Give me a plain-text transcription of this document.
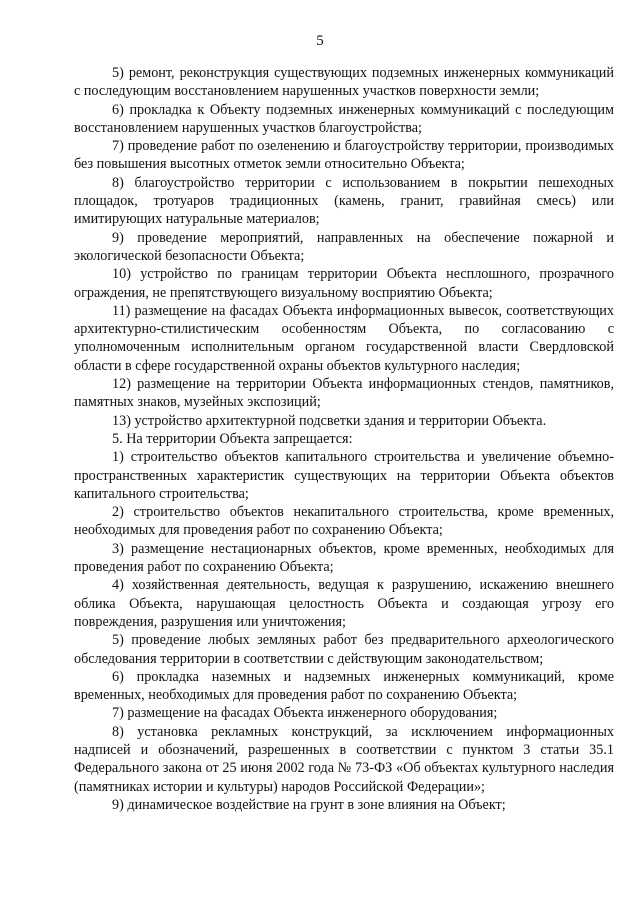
5

5) ремонт, реконструкция существующих подземных инженерных коммуникаций с последующим восстановлением нарушенных участков поверхности земли;

6) прокладка к Объекту подземных инженерных коммуникаций с последующим восстановлением нарушенных участков благоустройства;

7) проведение работ по озеленению и благоустройству территории, производимых без повышения высотных отметок земли относительно Объекта;

8) благоустройство территории с использованием в покрытии пешеходных площадок, тротуаров традиционных (камень, гранит, гравийная смесь) или имитирующих натуральные материалов;

9) проведение мероприятий, направленных на обеспечение пожарной и экологической безопасности Объекта;

10) устройство по границам территории Объекта несплошного, прозрачного ограждения, не препятствующего визуальному восприятию Объекта;

11) размещение на фасадах Объекта информационных вывесок, соответствующих архитектурно-стилистическим особенностям Объекта, по согласованию с уполномоченным исполнительным органом государственной власти Свердловской области в сфере государственной охраны объектов культурного наследия;

12) размещение на территории Объекта информационных стендов, памятников, памятных знаков, музейных экспозиций;

13) устройство архитектурной подсветки здания и территории Объекта.

5. На территории Объекта запрещается:

1) строительство объектов капитального строительства и увеличение объемно-пространственных характеристик существующих на территории Объекта объектов капитального строительства;

2) строительство объектов некапитального строительства, кроме временных, необходимых для проведения работ по сохранению Объекта;

3) размещение нестационарных объектов, кроме временных, необходимых для проведения работ по сохранению Объекта;

4) хозяйственная деятельность, ведущая к разрушению, искажению внешнего облика Объекта, нарушающая целостность Объекта и создающая угрозу его повреждения, разрушения или уничтожения;

5) проведение любых земляных работ без предварительного археологического обследования территории в соответствии с действующим законодательством;

6) прокладка наземных и надземных инженерных коммуникаций, кроме временных, необходимых для проведения работ по сохранению Объекта;

7) размещение на фасадах Объекта инженерного оборудования;

8) установка рекламных конструкций, за исключением информационных надписей и обозначений, разрешенных в соответствии с пунктом 3 статьи 35.1 Федерального закона от 25 июня 2002 года № 73-ФЗ «Об объектах культурного наследия (памятниках истории и культуры) народов Российской Федерации»;

9) динамическое воздействие на грунт в зоне влияния на Объект;
